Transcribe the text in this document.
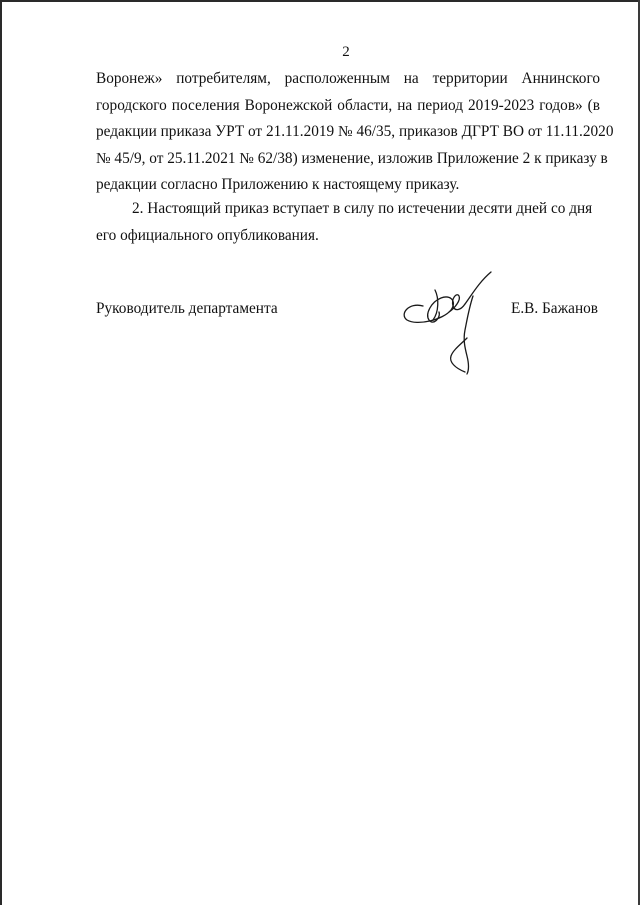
2
Воронеж» потребителям, расположенным на территории Аннинского
городского поселения Воронежской области, на период 2019-2023 годов» (в
редакции приказа УРТ от 21.11.2019 № 46/35, приказов ДГРТ ВО от 11.11.2020
№ 45/9, от 25.11.2021 № 62/38) изменение, изложив Приложение 2 к приказу в
редакции согласно Приложению к настоящему приказу.
2. Настоящий приказ вступает в силу по истечении десяти дней со дня
его официального опубликования.
Руководитель департамента	Е.В. Бажанов
